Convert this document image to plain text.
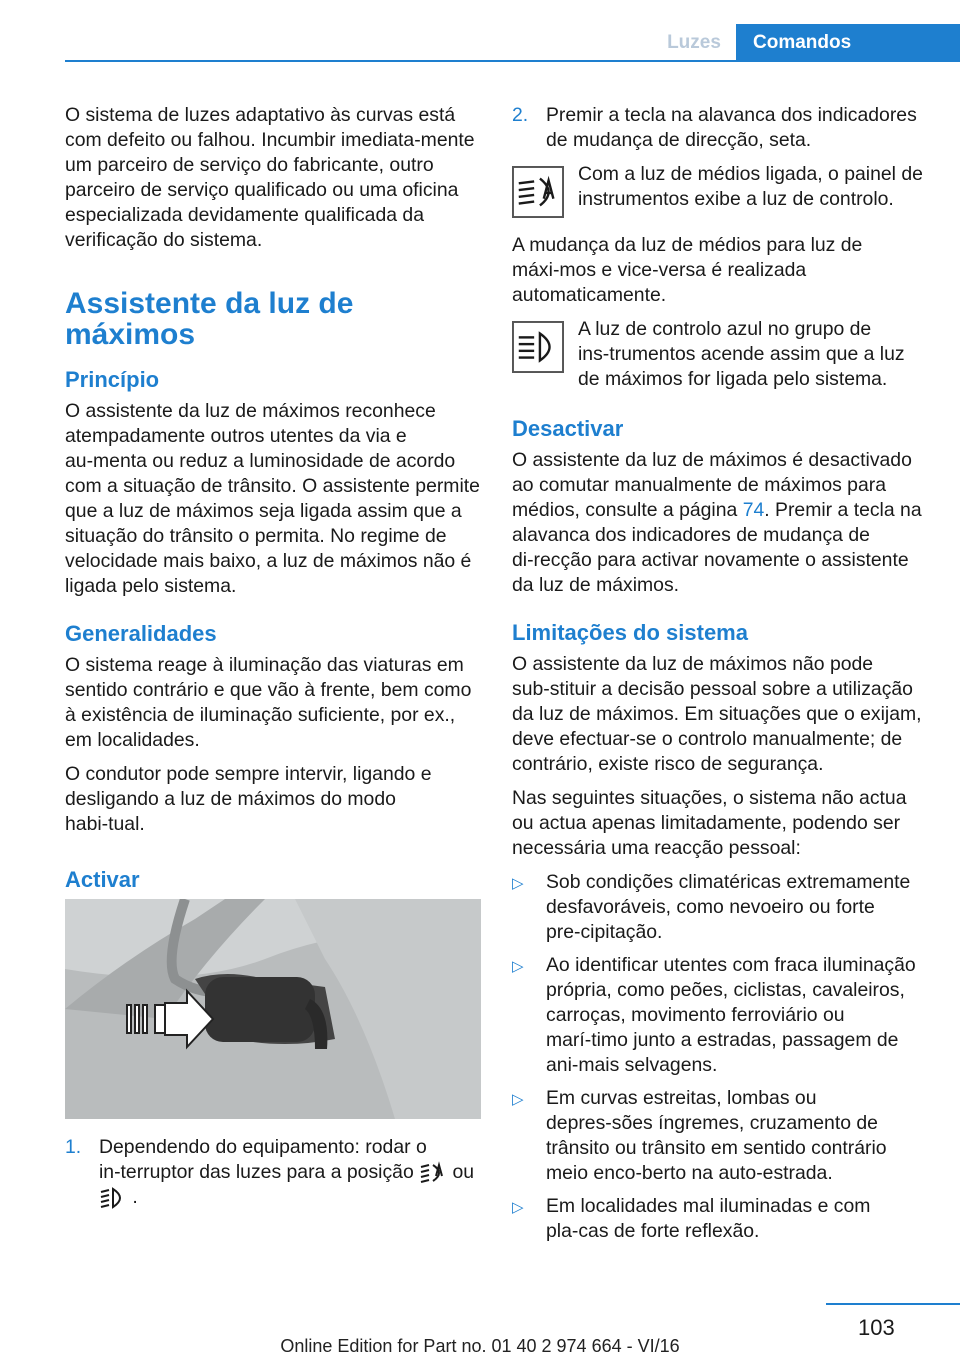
Luzes	Comandos

O sistema de luzes adaptativo às curvas está com defeito ou falhou. Incumbir imediata‑mente um parceiro de serviço do fabricante, outro parceiro de serviço qualificado ou uma oficina especializada devidamente qualificada da verificação do sistema.

Assistente da luz de máximos
Princípio

O assistente da luz de máximos reconhece atempadamente outros utentes da via e au‑menta ou reduz a luminosidade de acordo com a situação de trânsito. O assistente permite que a luz de máximos seja ligada assim que a situação do trânsito o permita. No regime de velocidade mais baixo, a luz de máximos não é ligada pelo sistema.

Generalidades

O sistema reage à iluminação das viaturas em sentido contrário e que vão à frente, bem como à existência de iluminação suficiente, por ex., em localidades.

O condutor pode sempre intervir, ligando e desligando a luz de máximos do modo habi‑tual.

Activar
1. Dependendo do equipamento: rodar o in‑terruptor das luzes para a posição ou
.
2. Premir a tecla na alavanca dos indicadores de mudança de direcção, seta.
Com a luz de médios ligada, o painel de instrumentos exibe a luz de controlo.

A mudança da luz de médios para luz de máxi‑mos e vice-versa é realizada automaticamente.

A luz de controlo azul no grupo de ins‑trumentos acende assim que a luz de máximos for ligada pelo sistema.
Desactivar

O assistente da luz de máximos é desactivado ao comutar manualmente de máximos para médios, consulte a página 74. Premir a tecla na alavanca dos indicadores de mudança de di‑recção para activar novamente o assistente da luz de máximos.

Limitações do sistema

O assistente da luz de máximos não pode sub‑stituir a decisão pessoal sobre a utilização da luz de máximos. Em situações que o exijam, deve efectuar-se o controlo manualmente; de contrário, existe risco de segurança.

Nas seguintes situações, o sistema não actua ou actua apenas limitadamente, podendo ser necessária uma reacção pessoal:

▷ Sob condições climatéricas extremamente desfavoráveis, como nevoeiro ou forte pre‑cipitação.
▷ Ao identificar utentes com fraca iluminação própria, como peões, ciclistas, cavaleiros, carroças, movimento ferroviário ou marí‑timo junto a estradas, passagem de ani‑mais selvagens.
▷ Em curvas estreitas, lombas ou depres‑sões íngremes, cruzamento de trânsito ou trânsito em sentido contrário meio enco‑berto na auto-estrada.
▷ Em localidades mal iluminadas e com pla‑cas de forte reflexão.
103
Online Edition for Part no. 01 40 2 974 664 - VI/16
